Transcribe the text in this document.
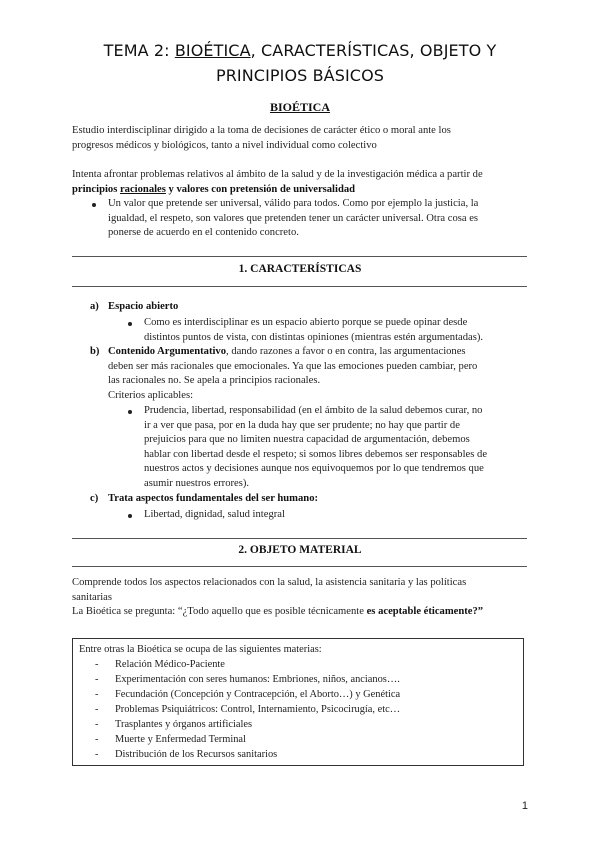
TEMA 2: BIOÉTICA, CARACTERÍSTICAS, OBJETO Y
PRINCIPIOS BÁSICOS
BIOÉTICA
Estudio interdisciplinar dirigido a la toma de decisiones de carácter ético o moral ante los
progresos médicos y biológicos, tanto a nivel individual como colectivo
Intenta afrontar problemas relativos al ámbito de la salud y de la investigación médica a partir de
principios racionales y valores con pretensión de universalidad
Un valor que pretende ser universal, válido para todos. Como por ejemplo la justicia, la
igualdad, el respeto, son valores que pretenden tener un carácter universal. Otra cosa es
ponerse de acuerdo en el contenido concreto.
1. CARACTERÍSTICAS
a) Espacio abierto
Como es interdisciplinar es un espacio abierto porque se puede opinar desde
distintos puntos de vista, con distintas opiniones (mientras estén argumentadas).
b) Contenido Argumentativo, dando razones a favor o en contra, las argumentaciones
deben ser más racionales que emocionales. Ya que las emociones pueden cambiar, pero
las racionales no. Se apela a principios racionales.
Criterios aplicables:
Prudencia, libertad, responsabilidad (en el ámbito de la salud debemos curar, no
ir a ver que pasa, por en la duda hay que ser prudente; no hay que partir de
prejuicios para que no limiten nuestra capacidad de argumentación, debemos
hablar con libertad desde el respeto; si somos libres debemos ser responsables de
nuestros actos y decisiones aunque nos equivoquemos por lo que tendremos que
asumir nuestros errores).
c) Trata aspectos fundamentales del ser humano:
Libertad, dignidad, salud integral
2. OBJETO MATERIAL
Comprende todos los aspectos relacionados con la salud, la asistencia sanitaria y las políticas
sanitarias
La Bioética se pregunta: “¿Todo aquello que es posible técnicamente es aceptable éticamente?”
Entre otras la Bioética se ocupa de las siguientes materias:
- Relación Médico-Paciente
- Experimentación con seres humanos: Embriones, niños, ancianos….
- Fecundación (Concepción y Contracepción, el Aborto…) y Genética
- Problemas Psiquiátricos: Control, Internamiento, Psicocirugía, etc…
- Trasplantes y órganos artificiales
- Muerte y Enfermedad Terminal
- Distribución de los Recursos sanitarios
1
